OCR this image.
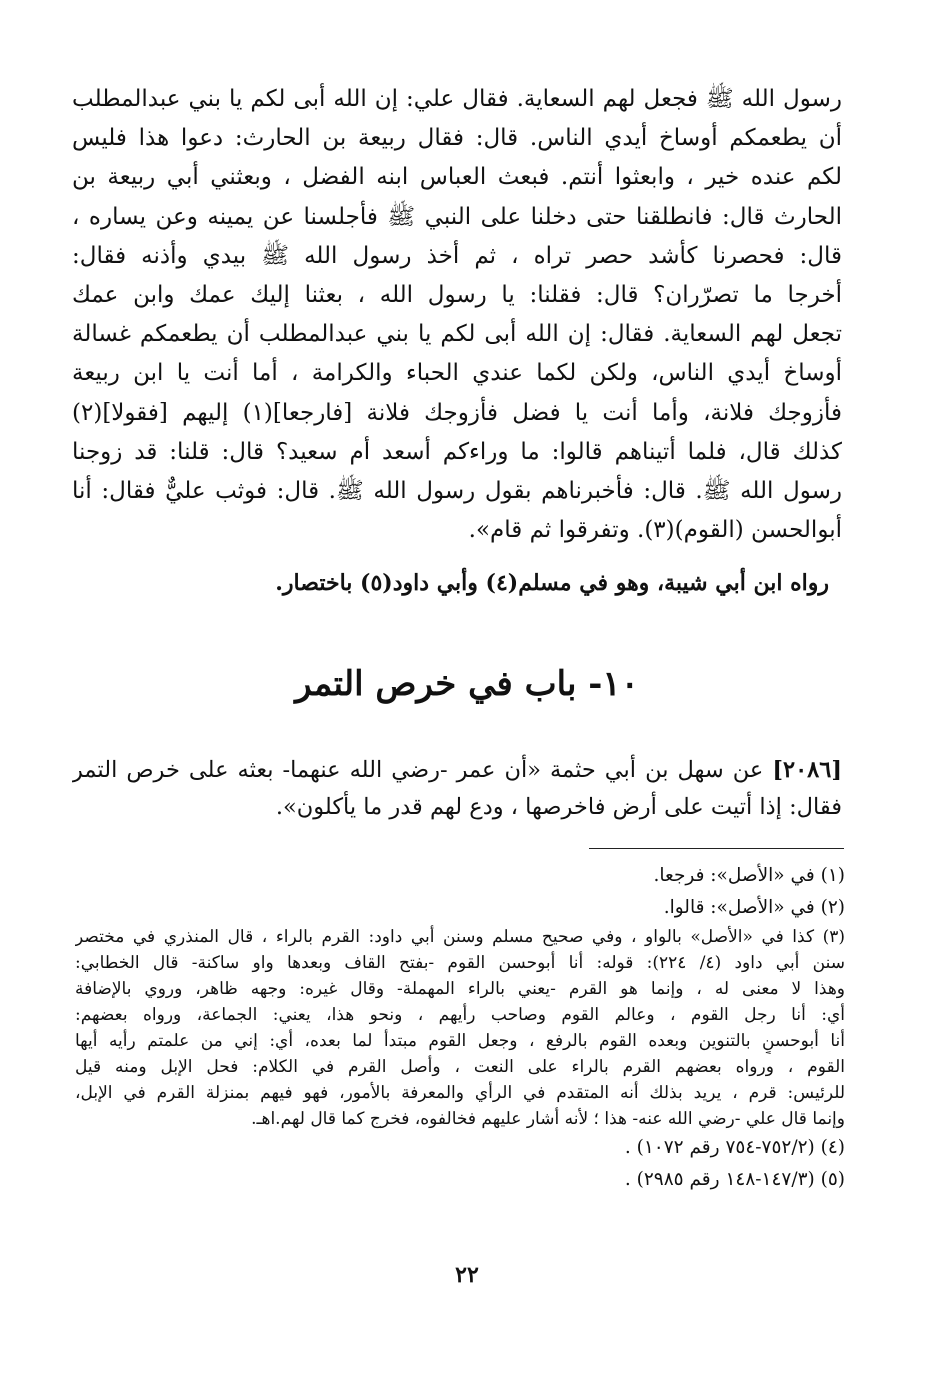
رسول الله ﷺ فجعل لهم السعاية. فقال علي: إن الله أبى لكم يا بني عبدالمطلب
أن يطعمكم أوساخ أيدي الناس. قال: فقال ربيعة بن الحارث: دعوا هذا فليس
لكم عنده خير ، وابعثوا أنتم. فبعث العباس ابنه الفضل ، وبعثني أبي ربيعة بن
الحارث قال: فانطلقنا حتى دخلنا على النبي ﷺ فأجلسنا عن يمينه وعن يساره ،
قال: فحصرنا كأشد حصر تراه ، ثم أخذ رسول الله ﷺ بيدي وأذنه فقال:
أخرجا ما تصرّران؟ قال: فقلنا: يا رسول الله ، بعثنا إليك عمك وابن عمك
تجعل لهم السعاية. فقال: إن الله أبى لكم يا بني عبدالمطلب أن يطعمكم غسالة
أوساخ أيدي الناس، ولكن لكما عندي الحباء والكرامة ، أما أنت يا ابن ربيعة
فأزوجك فلانة، وأما أنت يا فضل فأزوجك فلانة [فارجعا](١) إليهم [فقولا](٢)
كذلك قال، فلما أتيناهم قالوا: ما وراءكم أسعد أم سعيد؟ قال: قلنا: قد زوجنا
رسول الله ﷺ. قال: فأخبرناهم بقول رسول الله ﷺ. قال: فوثب عليٌّ فقال: أنا
أبوالحسن (القوم)(٣). وتفرقوا ثم قام».
رواه ابن أبي شيبة، وهو في مسلم(٤) وأبي داود(٥) باختصار.
١٠- باب في خرص التمر
[٢٠٨٦] عن سهل بن أبي حثمة «أن عمر -رضي الله عنهما- بعثه على خرص التمر
فقال: إذا أتيت على أرض فاخرصها ، ودع لهم قدر ما يأكلون».
(١) في «الأصل»: فرجعا.
(٢) في «الأصل»: قالوا.
(٣) كذا في «الأصل» بالواو ، وفي صحيح مسلم وسنن أبي داود: القرم بالراء ، قال المنذري في مختصر
سنن أبي داود (٤/ ٢٢٤): قوله: أنا أبوحسن القوم -بفتح القاف وبعدها واو ساكنة- قال الخطابي:
وهذا لا معنى له ، وإنما هو القرم -يعني بالراء المهملة- وقال غيره: وجهه ظاهر، وروي بالإضافة
أي: أنا رجل القوم ، وعالم القوم وصاحب رأيهم ، ونحو هذا، يعني: الجماعة، ورواه بعضهم:
أنا أبوحسنٍ بالتنوين وبعده القوم بالرفع ، وجعل القوم مبتدأ لما بعده، أي: إني من علمتم رأيه أيها
القوم ، ورواه بعضهم القرم بالراء على النعت ، وأصل القرم في الكلام: فحل الإبل ومنه قيل
للرئيس: قرم ، يريد بذلك أنه المتقدم في الرأي والمعرفة بالأمور، فهو فيهم بمنزلة القرم في الإبل،
وإنما قال علي -رضي الله عنه- هذا ؛ لأنه أشار عليهم فخالفوه، فخرج كما قال لهم.اهـ.
(٤) (٧٥٢/٢-٧٥٤ رقم ١٠٧٢) .
(٥) (١٤٧/٣-١٤٨ رقم ٢٩٨٥) .
٢٢
